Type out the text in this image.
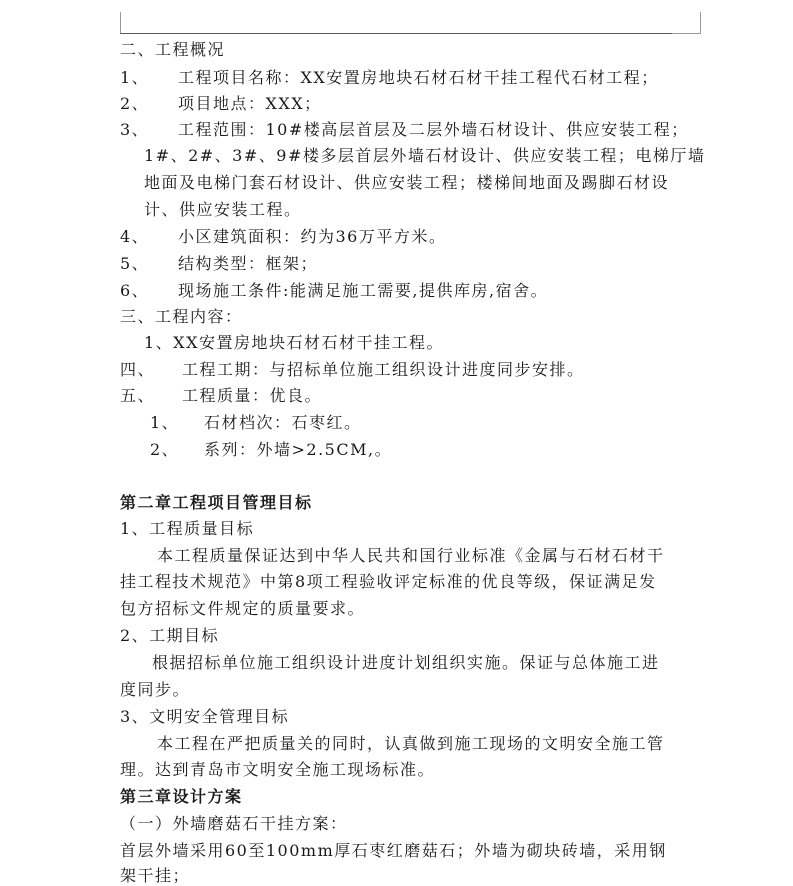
二、工程概况
1、 工程项目名称：XX安置房地块石材石材干挂工程代石材工程；
2、 项目地点：XXX；
3、 工程范围：10#楼高层首层及二层外墙石材设计、供应安装工程；
1#、2#、3#、9#楼多层首层外墙石材设计、供应安装工程；电梯厅墙
地面及电梯门套石材设计、供应安装工程；楼梯间地面及踢脚石材设
计、供应安装工程。
4、 小区建筑面积：约为36万平方米。
5、 结构类型：框架；
6、 现场施工条件:能满足施工需要,提供库房,宿舍。
三、工程内容：
1、XX安置房地块石材石材干挂工程。
四、 工程工期：与招标单位施工组织设计进度同步安排。
五、 工程质量：优良。
1、 石材档次：石枣红。
2、 系列：外墙>2.5CM,。
第二章工程项目管理目标
1、工程质量目标
本工程质量保证达到中华人民共和国行业标准《金属与石材石材干
挂工程技术规范》中第8项工程验收评定标准的优良等级，保证满足发
包方招标文件规定的质量要求。
2、工期目标
根据招标单位施工组织设计进度计划组织实施。保证与总体施工进
度同步。
3、文明安全管理目标
本工程在严把质量关的同时，认真做到施工现场的文明安全施工管
理。达到青岛市文明安全施工现场标准。
第三章设计方案
（一）外墙磨菇石干挂方案：
首层外墙采用60至100mm厚石枣红磨菇石；外墙为砌块砖墙，采用钢
架干挂；
